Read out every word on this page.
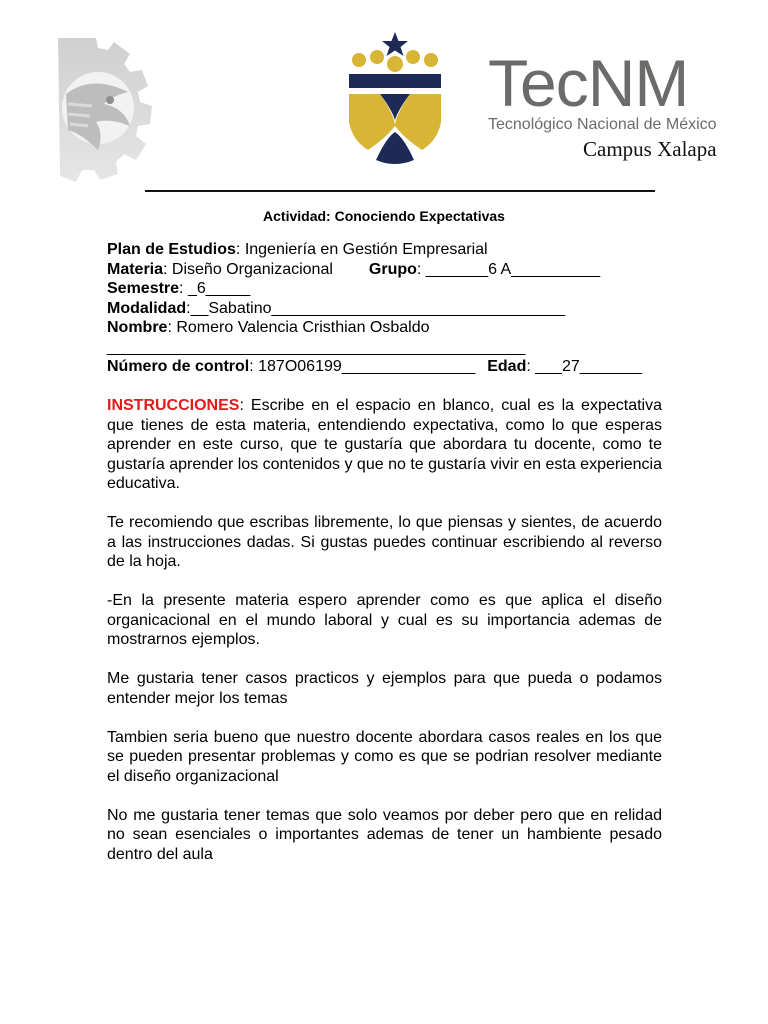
TecNM
Tecnológico Nacional de México
Campus Xalapa
Actividad: Conociendo Expectativas
Plan de Estudios: Ingeniería en Gestión Empresarial
Materia: Diseño Organizacional Grupo: _______6 A__________
Semestre: _6_____
Modalidad:__Sabatino_________________________________
Nombre: Romero Valencia Cristhian Osbaldo
_______________________________________________
Número de control: 187O06199_______________ Edad: ___27_______
INSTRUCCIONES: Escribe en el espacio en blanco, cual es la expectativa que tienes de esta materia, entendiendo expectativa, como lo que esperas aprender en este curso, que te gustaría que abordara tu docente, como te gustaría aprender los contenidos y que no te gustaría vivir en esta experiencia educativa.
Te recomiendo que escribas libremente, lo que piensas y sientes, de acuerdo a las instrucciones dadas. Si gustas puedes continuar escribiendo al reverso de la hoja.
-En la presente materia espero aprender como es que aplica el diseño organicacional en el mundo laboral y cual es su importancia ademas de mostrarnos ejemplos.
Me gustaria tener casos practicos y ejemplos para que pueda o podamos entender mejor los temas
Tambien seria bueno que nuestro docente abordara casos reales en los que se pueden presentar problemas y como es que se podrian resolver mediante el diseño organizacional
No me gustaria tener temas que solo veamos por deber pero que en relidad no sean esenciales o importantes ademas de tener un hambiente pesado dentro del aula
